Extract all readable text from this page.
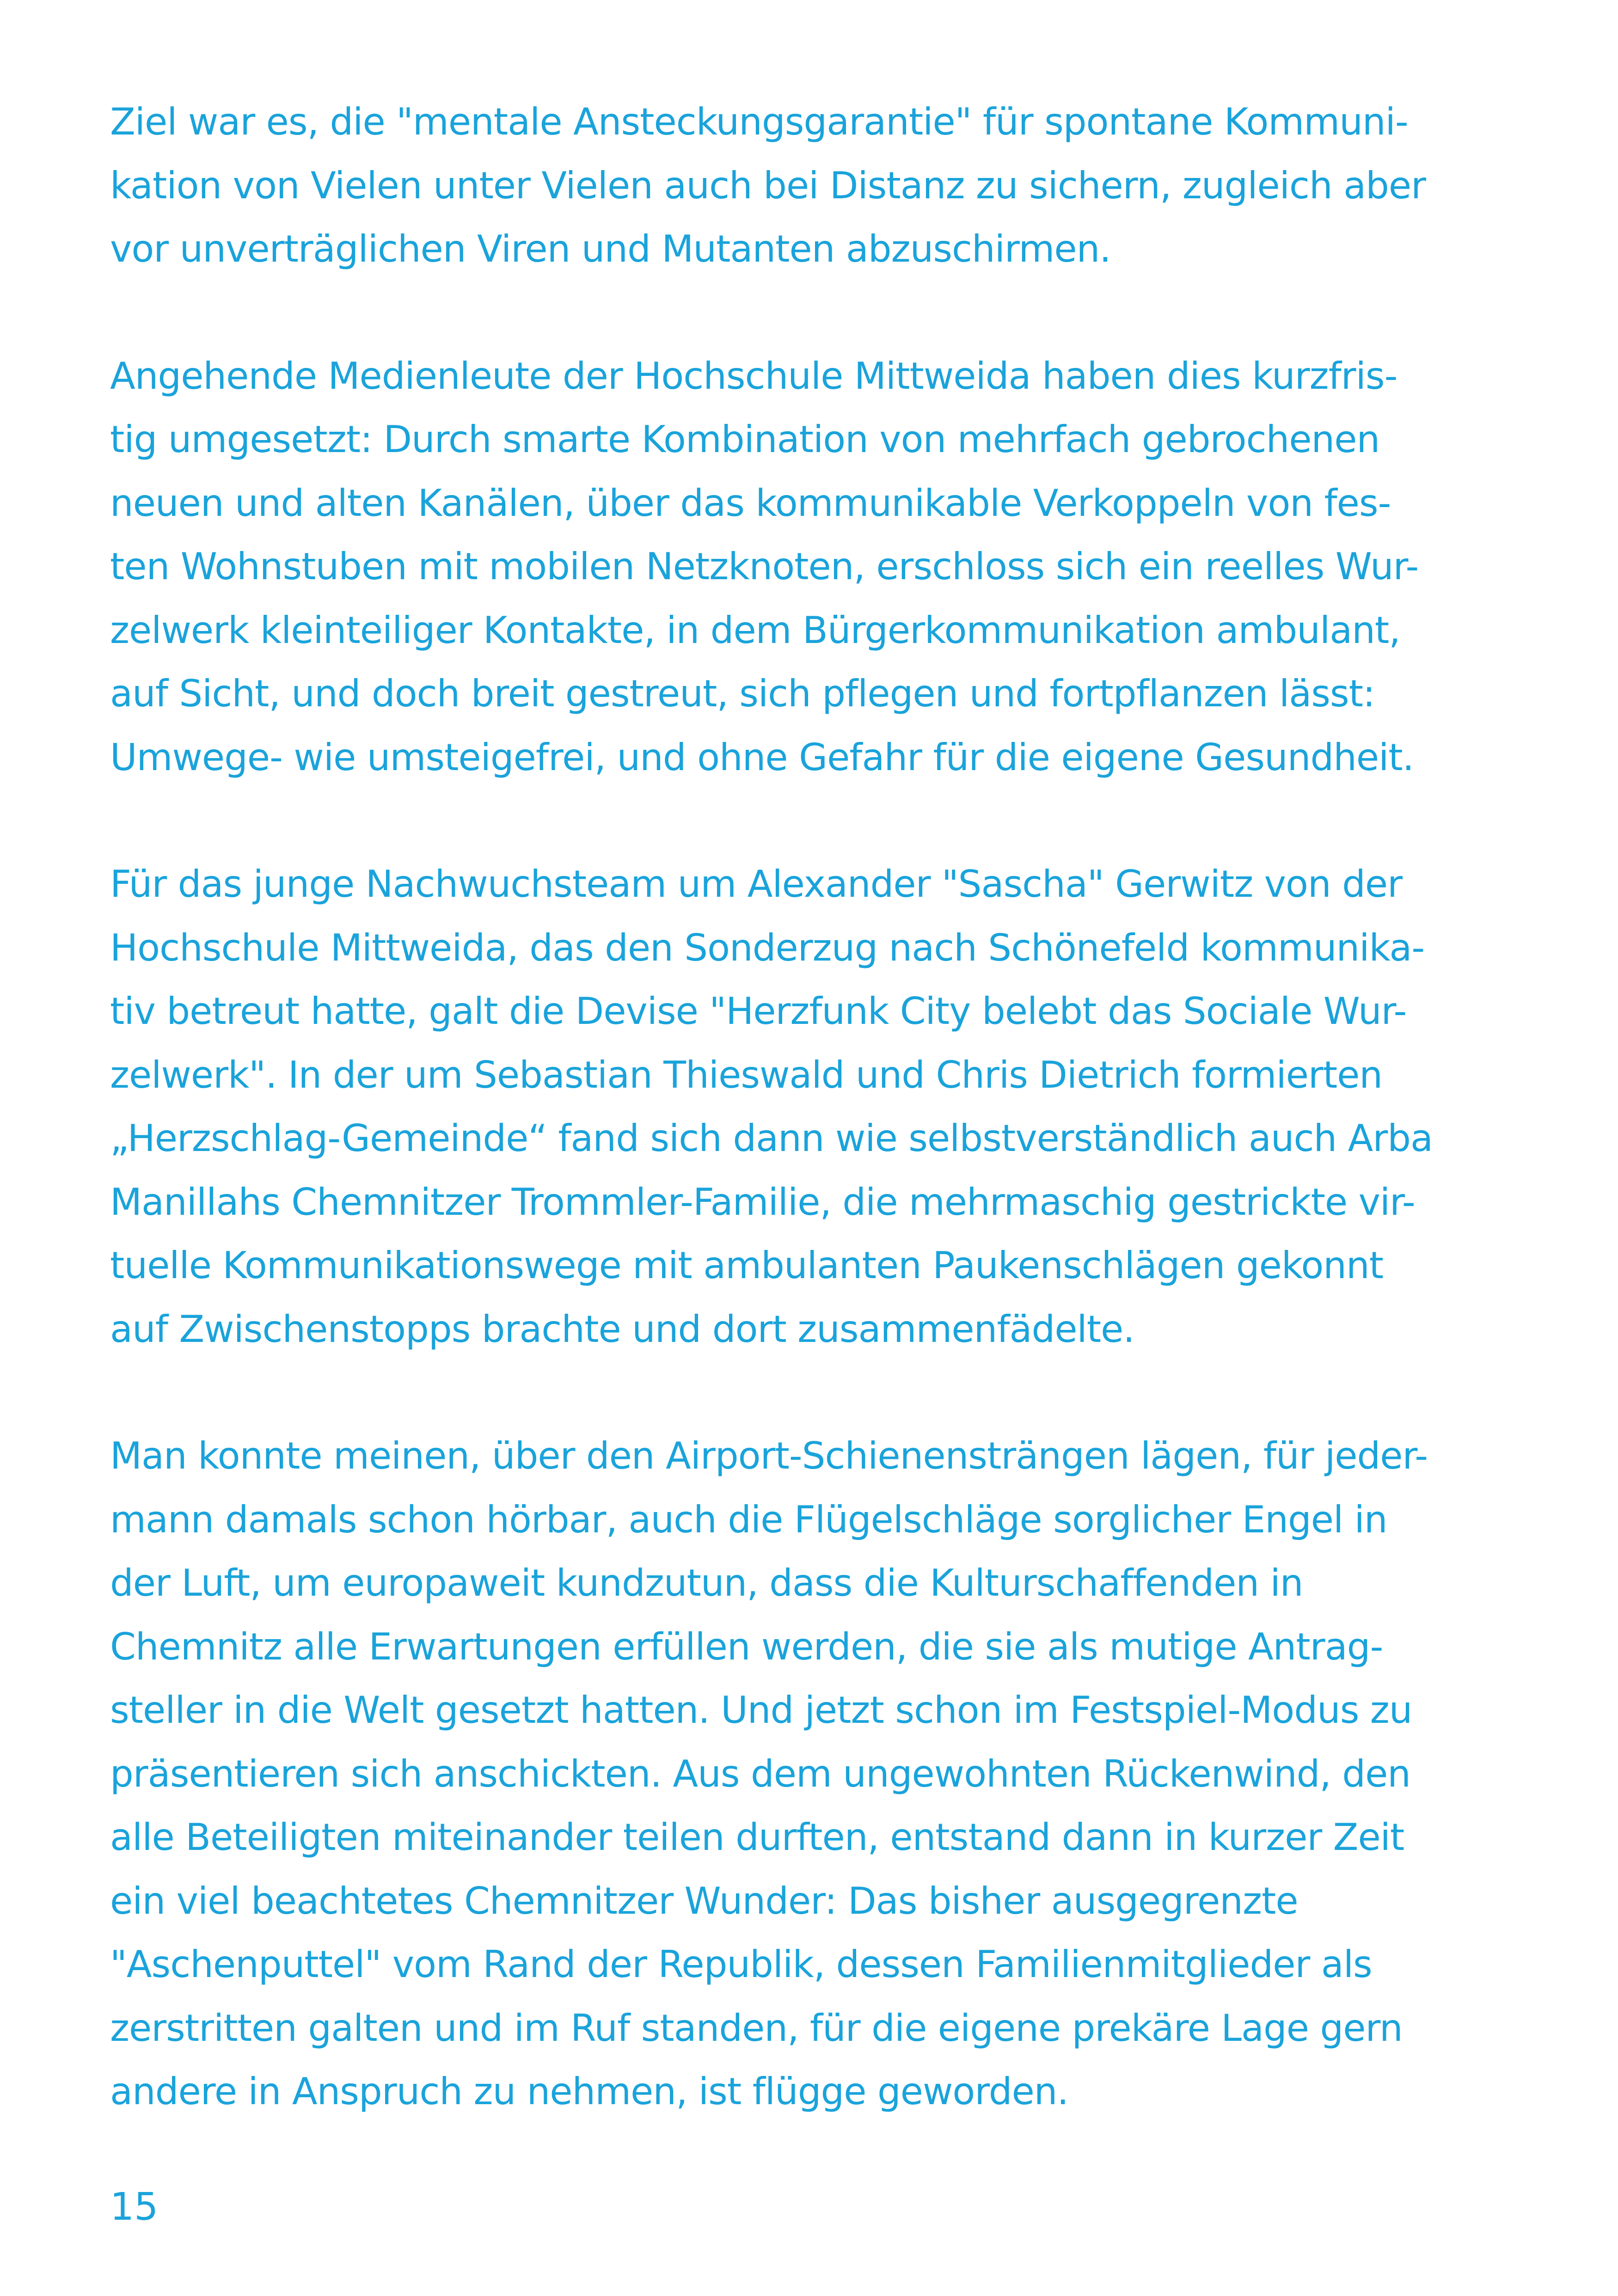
Ziel war es, die "mentale Ansteckungsgarantie" für spontane Kommuni-
kation von Vielen unter Vielen auch bei Distanz zu sichern, zugleich aber
vor unverträglichen Viren und Mutanten abzuschirmen.

Angehende Medienleute der Hochschule Mittweida haben dies kurzfris-
tig umgesetzt: Durch smarte Kombination von mehrfach gebrochenen
neuen und alten Kanälen, über das kommunikable Verkoppeln von fes-
ten Wohnstuben mit mobilen Netzknoten, erschloss sich ein reelles Wur-
zelwerk kleinteiliger Kontakte, in dem Bürgerkommunikation ambulant,
auf Sicht, und doch breit gestreut, sich pflegen und fortpflanzen lässt:
Umwege- wie umsteigefrei, und ohne Gefahr für die eigene Gesundheit.

Für das junge Nachwuchsteam um Alexander "Sascha" Gerwitz von der
Hochschule Mittweida, das den Sonderzug nach Schönefeld kommunika-
tiv betreut hatte, galt die Devise "Herzfunk City belebt das Sociale Wur-
zelwerk". In der um Sebastian Thieswald und Chris Dietrich formierten
„Herzschlag-Gemeinde“ fand sich dann wie selbstverständlich auch Arba
Manillahs Chemnitzer Trommler-Familie, die mehrmaschig gestrickte vir-
tuelle Kommunikationswege mit ambulanten Paukenschlägen gekonnt
auf Zwischenstopps brachte und dort zusammenfädelte.

Man konnte meinen, über den Airport-Schienensträngen lägen, für jeder-
mann damals schon hörbar, auch die Flügelschläge sorglicher Engel in
der Luft, um europaweit kundzutun, dass die Kulturschaffenden in
Chemnitz alle Erwartungen erfüllen werden, die sie als mutige Antrag-
steller in die Welt gesetzt hatten. Und jetzt schon im Festspiel-Modus zu
präsentieren sich anschickten. Aus dem ungewohnten Rückenwind, den
alle Beteiligten miteinander teilen durften, entstand dann in kurzer Zeit
ein viel beachtetes Chemnitzer Wunder: Das bisher ausgegrenzte
"Aschenputtel" vom Rand der Republik, dessen Familienmitglieder als
zerstritten galten und im Ruf standen, für die eigene prekäre Lage gern
andere in Anspruch zu nehmen, ist flügge geworden.

15
